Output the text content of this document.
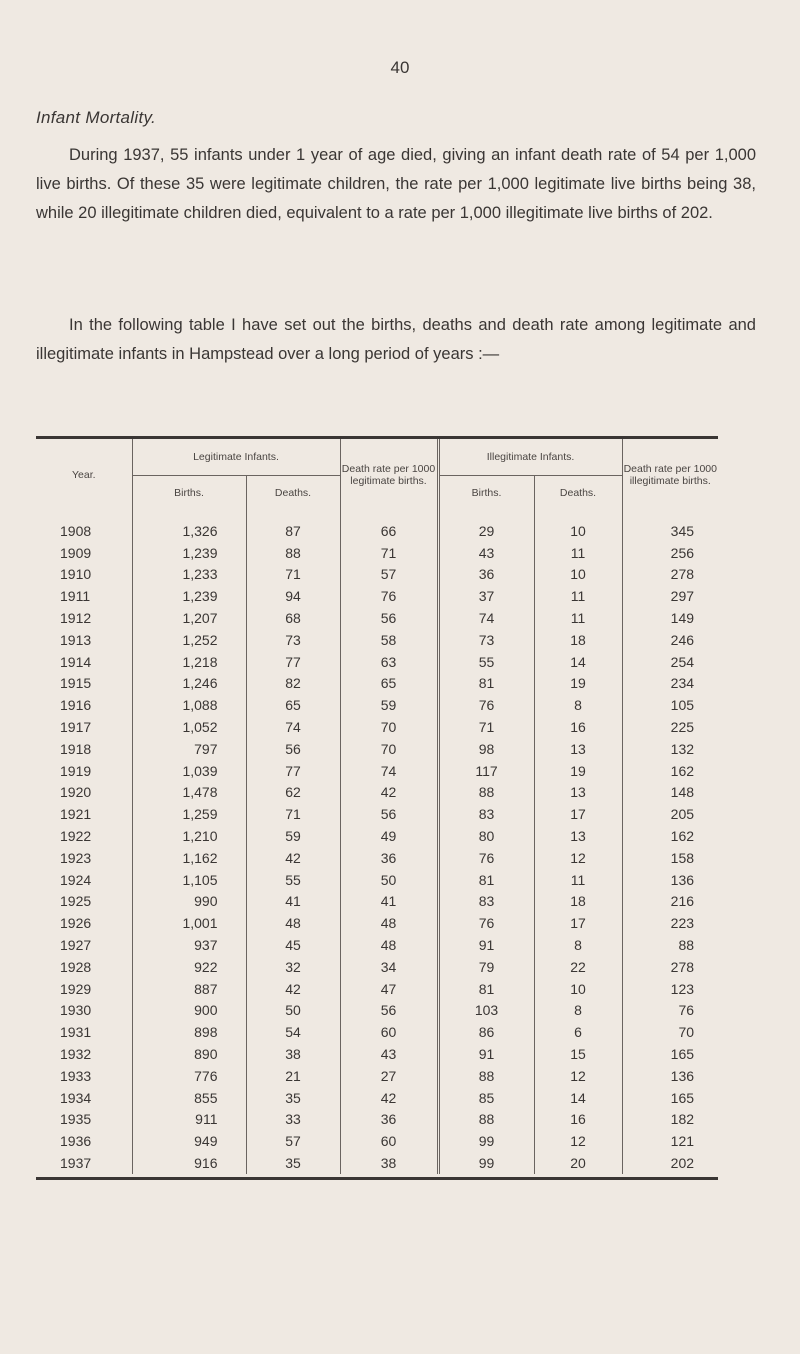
40
Infant Mortality.

During 1937, 55 infants under 1 year of age died, giving an infant death rate of 54 per 1,000 live births. Of these 35 were legitimate children, the rate per 1,000 legitimate live births being 38, while 20 illegitimate children died, equivalent to a rate per 1,000 illegitimate live births of 202.

In the following table I have set out the births, deaths and death rate among legitimate and illegitimate infants in Hampstead over a long period of years :—

Year.	Legitimate Infants.		Death rate per 1000 legitimate births.	Illegitimate Infants.		Death rate per 1000 illegitimate births.
	Births.	Deaths.		Births.	Deaths.	
1908	1,326	87	66	29	10	345
1909	1,239	88	71	43	11	256
1910	1,233	71	57	36	10	278
1911	1,239	94	76	37	11	297
1912	1,207	68	56	74	11	149
1913	1,252	73	58	73	18	246
1914	1,218	77	63	55	14	254
1915	1,246	82	65	81	19	234
1916	1,088	65	59	76	8	105
1917	1,052	74	70	71	16	225
1918	797	56	70	98	13	132
1919	1,039	77	74	117	19	162
1920	1,478	62	42	88	13	148
1921	1,259	71	56	83	17	205
1922	1,210	59	49	80	13	162
1923	1,162	42	36	76	12	158
1924	1,105	55	50	81	11	136
1925	990	41	41	83	18	216
1926	1,001	48	48	76	17	223
1927	937	45	48	91	8	88
1928	922	32	34	79	22	278
1929	887	42	47	81	10	123
1930	900	50	56	103	8	76
1931	898	54	60	86	6	70
1932	890	38	43	91	15	165
1933	776	21	27	88	12	136
1934	855	35	42	85	14	165
1935	911	33	36	88	16	182
1936	949	57	60	99	12	121
1937	916	35	38	99	20	202
